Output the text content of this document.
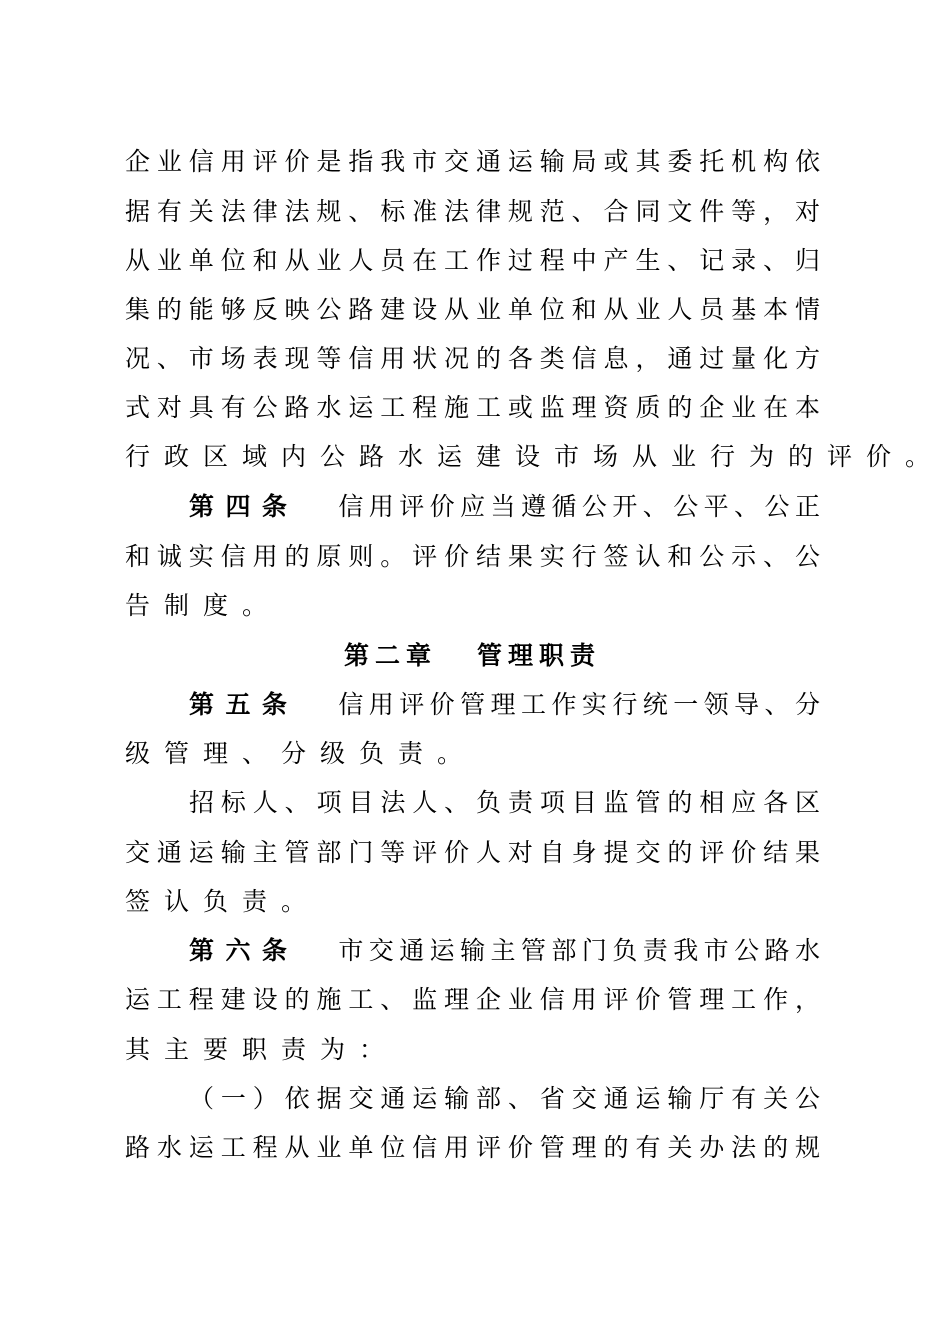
企业信用评价是指我市交通运输局或其委托机构依
据有关法律法规、标准法律规范、合同文件等，对
从业单位和从业人员在工作过程中产生、记录、归
集的能够反映公路建设从业单位和从业人员基本情
况、市场表现等信用状况的各类信息，通过量化方
式对具有公路水运工程施工或监理资质的企业在本
行政区域内公路水运建设市场从业行为的评价。
第四条 信用评价应当遵循公开、公平、公正
和诚实信用的原则。评价结果实行签认和公示、公
告制度。
第二章 管理职责
第五条 信用评价管理工作实行统一领导、分
级管理、分级负责。
招标人、项目法人、负责项目监管的相应各区
交通运输主管部门等评价人对自身提交的评价结果
签认负责。
第六条 市交通运输主管部门负责我市公路水
运工程建设的施工、监理企业信用评价管理工作，
其主要职责为：
（一）依据交通运输部、省交通运输厅有关公
路水运工程从业单位信用评价管理的有关办法的规
